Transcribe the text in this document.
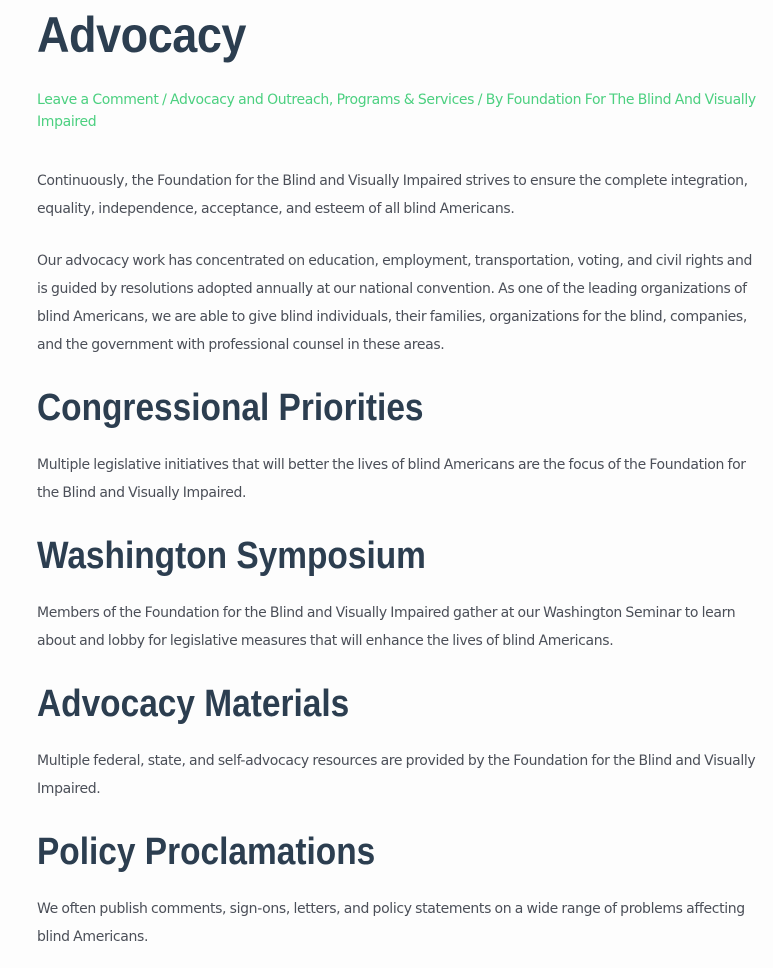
Advocacy
Leave a Comment / Advocacy and Outreach, Programs & Services / By Foundation For The Blind And Visually Impaired

Continuously, the Foundation for the Blind and Visually Impaired strives to ensure the complete integration, equality, independence, acceptance, and esteem of all blind Americans.

Our advocacy work has concentrated on education, employment, transportation, voting, and civil rights and is guided by resolutions adopted annually at our national convention. As one of the leading organizations of blind Americans, we are able to give blind individuals, their families, organizations for the blind, companies, and the government with professional counsel in these areas.

Congressional Priorities

Multiple legislative initiatives that will better the lives of blind Americans are the focus of the Foundation for the Blind and Visually Impaired.

Washington Symposium

Members of the Foundation for the Blind and Visually Impaired gather at our Washington Seminar to learn about and lobby for legislative measures that will enhance the lives of blind Americans.

Advocacy Materials

Multiple federal, state, and self-advocacy resources are provided by the Foundation for the Blind and Visually Impaired.

Policy Proclamations

We often publish comments, sign-ons, letters, and policy statements on a wide range of problems affecting blind Americans.
